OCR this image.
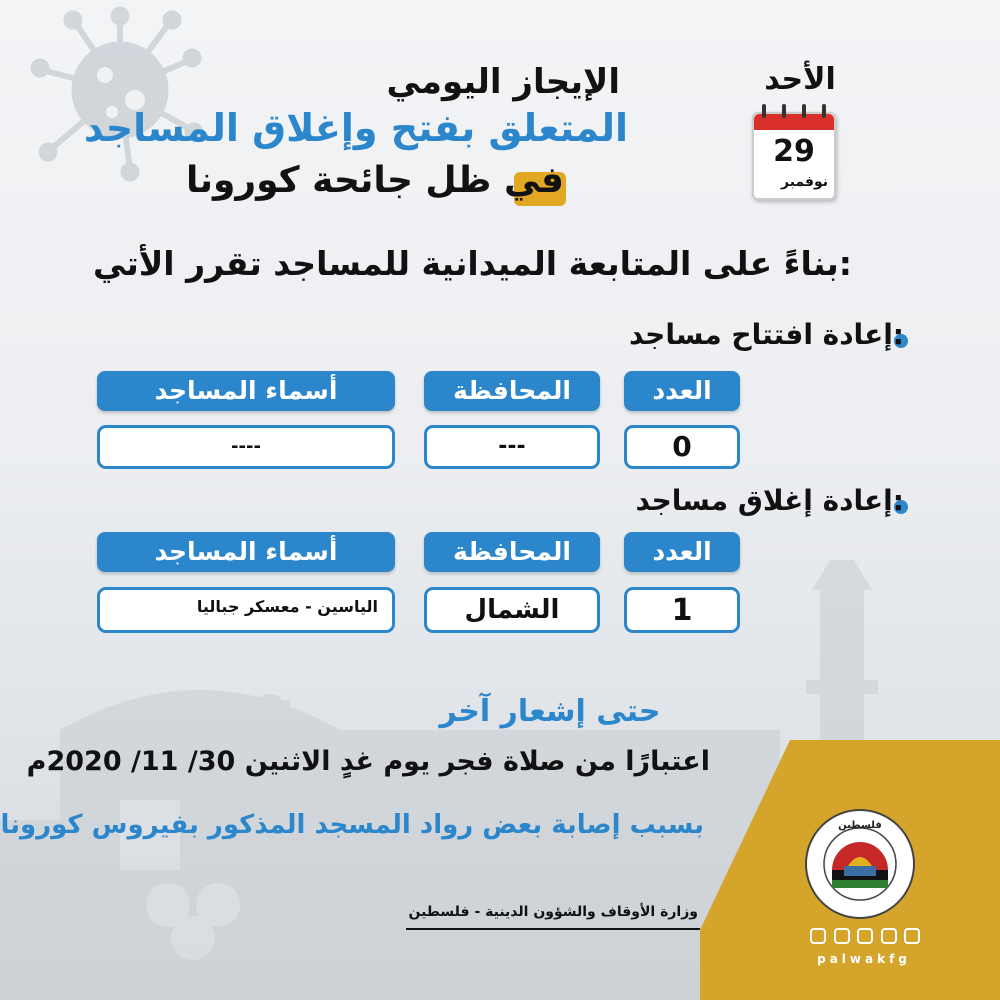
الإيجاز اليومي
المتعلق بفتح وإغلاق المساجد
في ظل جائحة كورونا
الأحد
29
نوفمبر
بناءً على المتابعة الميدانية للمساجد تقرر الأتي:
إعادة افتتاح مساجد:
العدد
المحافظة
أسماء المساجد
0
---
----
إعادة إغلاق مساجد:
العدد
المحافظة
أسماء المساجد
1
الشمال
الياسين - معسكر جباليا
حتى إشعار آخر
اعتبارًا من صلاة فجر يوم غدٍ الاثنين 30/ 11/ 2020م
بسبب إصابة بعض رواد المسجد المذكور بفيروس كورونا
وزارة الأوقاف والشؤون الدينية - فلسطين
فلسطين
palwakfg
